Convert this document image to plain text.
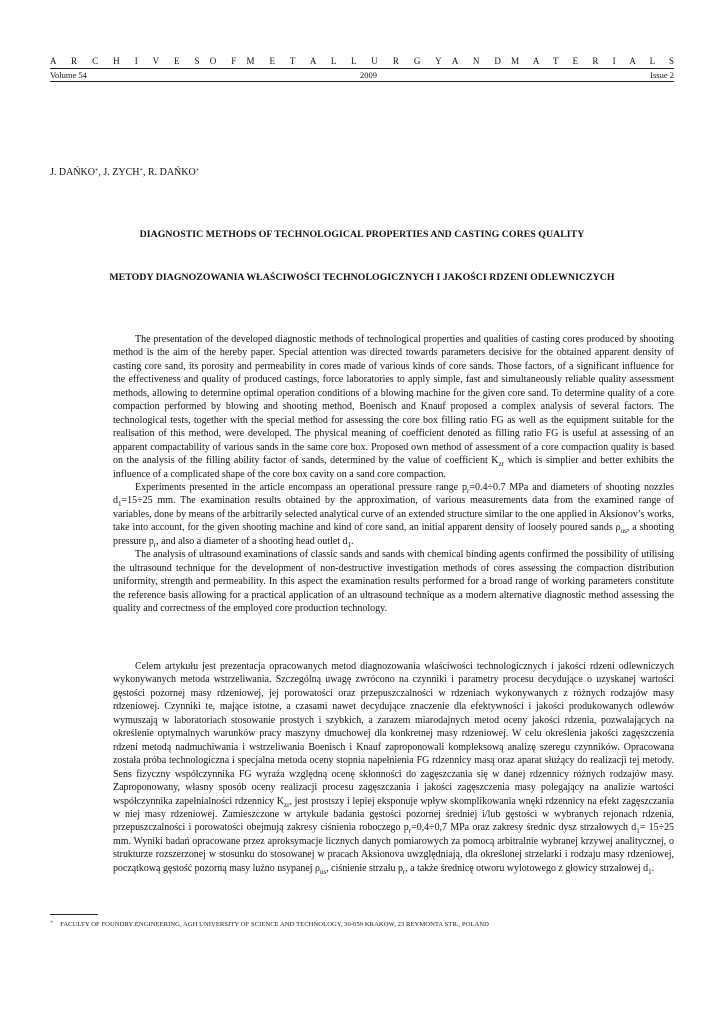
A R C H I V E S O F M E T A L L U R G Y A N D M A T E R I A L S
Volume 54	2009	Issue 2
J. DAŃKO∗, J. ZYCH∗, R. DAŃKO∗
DIAGNOSTIC METHODS OF TECHNOLOGICAL PROPERTIES AND CASTING CORES QUALITY
METODY DIAGNOZOWANIA WŁAŚCIWOŚCI TECHNOLOGICZNYCH I JAKOŚCI RDZENI ODLEWNICZYCH

The presentation of the developed diagnostic methods of technological properties and qualities of casting cores produced by shooting method is the aim of the hereby paper. Special attention was directed towards parameters decisive for the obtained apparent density of casting core sand, its porosity and permeability in cores made of various kinds of core sands. Those factors, of a significant influence for the effectiveness and quality of produced castings, force laboratories to apply simple, fast and simultaneously reliable quality assessment methods, allowing to determine optimal operation conditions of a blowing machine for the given core sand. To determine quality of a core compaction performed by blowing and shooting method, Boenisch and Knauf proposed a complex analysis of several factors. The technological tests, together with the special method for assessing the core box filling ratio FG as well as the equipment suitable for the realisation of this method, were developed. The physical meaning of coefficient denoted as filling ratio FG is useful at assessing of an apparent compactability of various sands in the same core box. Proposed own method of assessment of a core compaction quality is based on the analysis of the filling ability factor of sands, determined by the value of coefficient $K_{zr}$ which is simplier and better exhibits the influence of a complicated shape of the core box cavity on a sand core compaction.

Experiments presented in the article encompass an operational pressure range $p_r=0.4\div 0.7$ MPa and diameters of shooting nozzles $d_1=15\div 25$ mm. The examination results obtained by the approximation, of various measurements data from the examined range of variables, done by means of the arbitrarily selected analytical curve of an extended structure similar to the one applied in Aksionov’s works, take into account, for the given shooting machine and kind of core sand, an initial apparent density of loosely poured sands $\rho_{us}$, a shooting pressure $p_r$, and also a diameter of a shooting head outlet $d_1$.

The analysis of ultrasound examinations of classic sands and sands with chemical binding agents confirmed the possibility of utilising the ultrasound technique for the development of non-destructive investigation methods of cores assessing the compaction distribution uniformity, strength and permeability. In this aspect the examination results performed for a broad range of working parameters constitute the reference basis allowing for a practical application of an ultrasound technique as a modern alternative diagnostic method assessing the quality and correctness of the employed core production technology.

Celem artykułu jest prezentacja opracowanych metod diagnozowania właściwości technologicznych i jakości rdzeni odlewniczych wykonywanych metoda wstrzeliwania. Szczególną uwagę zwrócono na czynniki i parametry procesu decydujące o uzyskanej wartości gęstości pozornej masy rdzeniowej, jej porowatości oraz przepuszczalności w rdzeniach wykonywanych z różnych rodzajów masy rdzeniowej. Czynniki te, mające istotne, a czasami nawet decydujące znaczenie dla efektywności i jakości produkowanych odlewów wymuszają w laboratoriach stosowanie prostych i szybkich, a zarazem miarodajnych metod oceny jakości rdzenia, pozwalających na określenie optymalnych warunków pracy maszyny dmuchowej dla konkretnej masy rdzeniowej. W celu określenia jakości zagęszczenia rdzeni metodą nadmuchiwania i wstrzeliwania Boenisch i Knauf zaproponowali kompleksową analizę szeregu czynników. Opracowana została próba technologiczna i specjalna metoda oceny stopnia napełnienia FG rdzennicy masą oraz aparat służący do realizacji tej metody. Sens fizyczny współczynnika FG wyraża względną ocenę skłonności do zagęszczania się w danej rdzennicy różnych rodzajów masy. Zaproponowany, własny sposób oceny realizacji procesu zagęszczania i jakości zagęszczenia masy polegający na analizie wartości współczynnika zapełnialności rdzennicy $K_{zr}$, jest prostszy i lepiej eksponuje wpływ skomplikowania wnęki rdzennicy na efekt zagęszczania w niej masy rdzeniowej. Zamieszczone w artykule badania gęstości pozornej średniej i/lub gęstości w wybranych rejonach rdzenia, przepuszczalności i porowatości obejmują zakresy ciśnienia roboczego $p_r=0,4\div 0,7$ MPa oraz zakresy średnic dysz strzałowych $d_1= 15\div 25$ mm. Wyniki badań opracowane przez aproksymacje licznych danych pomiarowych za pomocą arbitralnie wybranej krzywej analitycznej, o strukturze rozszerzonej w stosunku do stosowanej w pracach Aksionova uwzględniają, dla określonej strzelarki i rodzaju masy rdzeniowej, początkową gęstość pozorną masy luźno usypanej $\rho_{us}$, ciśnienie strzału $p_r$, a także średnicę otworu wylotowego z głowicy strzałowej $d_1$.

∗ FACULTY OF FOUNDRY ENGINEERING, AGH UNIVERSITY OF SCIENCE AND TECHNOLOGY, 30-059 KRAKOW, 23 REYMONTA STR., POLAND
